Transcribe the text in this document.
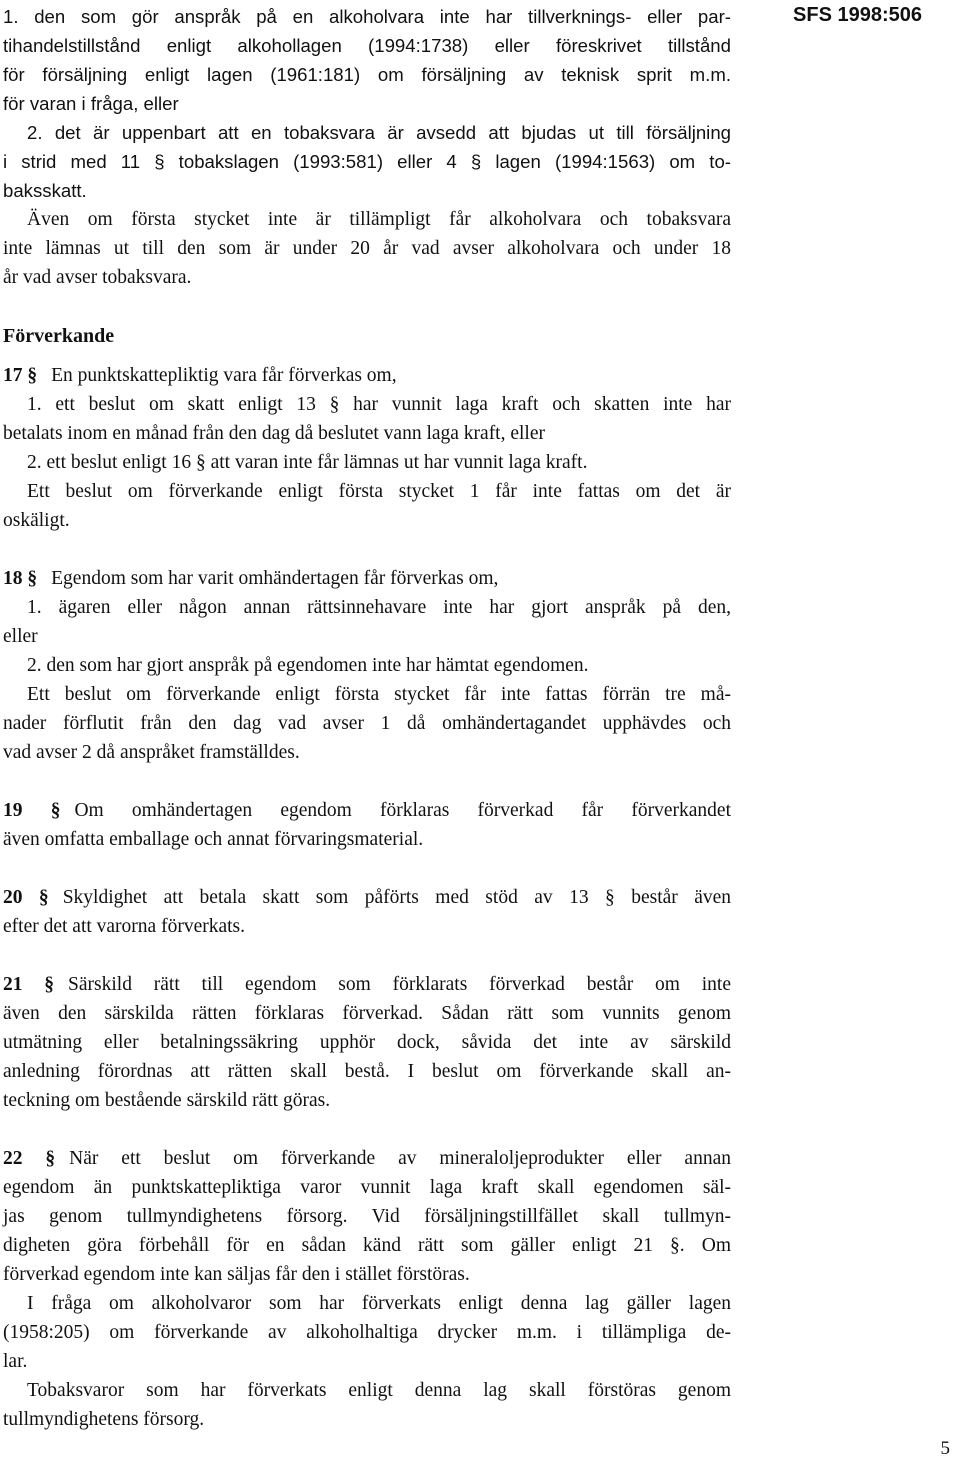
SFS 1998:506
1. den som gör anspråk på en alkoholvara inte har tillverknings- eller par-
tihandelstillstånd enligt alkohollagen (1994:1738) eller föreskrivet tillstånd
för försäljning enligt lagen (1961:181) om försäljning av teknisk sprit m.m.
för varan i fråga, eller
2. det är uppenbart att en tobaksvara är avsedd att bjudas ut till försäljning
i strid med 11 § tobakslagen (1993:581) eller 4 § lagen (1994:1563) om to-
baksskatt.
Även om första stycket inte är tillämpligt får alkoholvara och tobaksvara
inte lämnas ut till den som är under 20 år vad avser alkoholvara och under 18
år vad avser tobaksvara.
Förverkande
17 § En punktskattepliktig vara får förverkas om,
1. ett beslut om skatt enligt 13 § har vunnit laga kraft och skatten inte har
betalats inom en månad från den dag då beslutet vann laga kraft, eller
2. ett beslut enligt 16 § att varan inte får lämnas ut har vunnit laga kraft.
Ett beslut om förverkande enligt första stycket 1 får inte fattas om det är
oskäligt.
18 § Egendom som har varit omhändertagen får förverkas om,
1. ägaren eller någon annan rättsinnehavare inte har gjort anspråk på den,
eller
2. den som har gjort anspråk på egendomen inte har hämtat egendomen.
Ett beslut om förverkande enligt första stycket får inte fattas förrän tre må-
nader förflutit från den dag vad avser 1 då omhändertagandet upphävdes och
vad avser 2 då anspråket framställdes.
19 § Om omhändertagen egendom förklaras förverkad får förverkandet
även omfatta emballage och annat förvaringsmaterial.
20 § Skyldighet att betala skatt som påförts med stöd av 13 § består även
efter det att varorna förverkats.
21 § Särskild rätt till egendom som förklarats förverkad består om inte
även den särskilda rätten förklaras förverkad. Sådan rätt som vunnits genom
utmätning eller betalningssäkring upphör dock, såvida det inte av särskild
anledning förordnas att rätten skall bestå. I beslut om förverkande skall an-
teckning om bestående särskild rätt göras.
22 § När ett beslut om förverkande av mineraloljeprodukter eller annan
egendom än punktskattepliktiga varor vunnit laga kraft skall egendomen säl-
jas genom tullmyndighetens försorg. Vid försäljningstillfället skall tullmyn-
digheten göra förbehåll för en sådan känd rätt som gäller enligt 21 §. Om
förverkad egendom inte kan säljas får den i stället förstöras.
I fråga om alkoholvaror som har förverkats enligt denna lag gäller lagen
(1958:205) om förverkande av alkoholhaltiga drycker m.m. i tillämpliga de-
lar.
Tobaksvaror som har förverkats enligt denna lag skall förstöras genom
tullmyndighetens försorg.
5
